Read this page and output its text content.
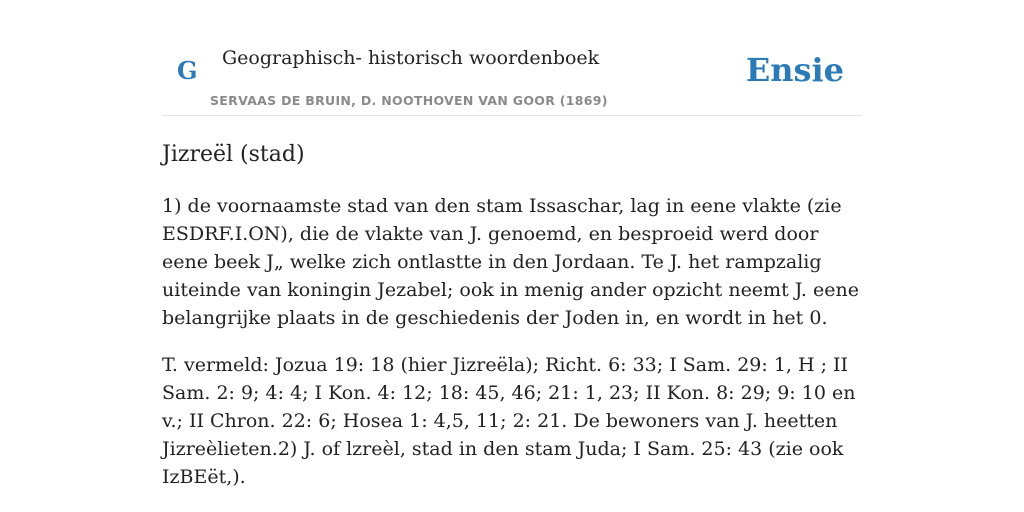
G Geographisch- historisch woordenboek
SERVAAS DE BRUIN, D. NOOTHOVEN VAN GOOR (1869)
Ensie
Jizreël (stad)

1) de voornaamste stad van den stam Issaschar, lag in eene vlakte (zie ESDRF.I.ON), die de vlakte van J. genoemd, en besproeid werd door eene beek J„ welke zich ontlastte in den Jordaan. Te J. het rampzalig uiteinde van koningin Jezabel; ook in menig ander opzicht neemt J. eene belangrijke plaats in de geschiedenis der Joden in, en wordt in het 0.

T. vermeld: Jozua 19: 18 (hier Jizreëla); Richt. 6: 33; I Sam. 29: 1, H ; II Sam. 2: 9; 4: 4; I Kon. 4: 12; 18: 45, 46; 21: 1, 23; II Kon. 8: 29; 9: 10 en v.; II Chron. 22: 6; Hosea 1: 4,5, 11; 2: 21. De bewoners van J. heetten Jizreèlieten.2) J. of lzreèl, stad in den stam Juda; I Sam. 25: 43 (zie ook IzBEët,).
